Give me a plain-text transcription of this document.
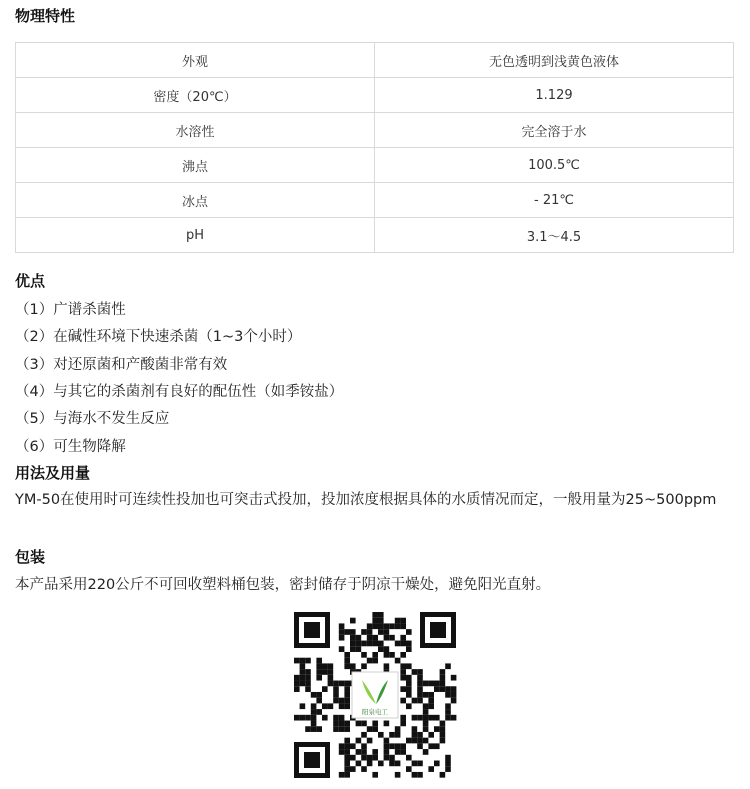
物理特性
外观	无色透明到浅黄色液体
密度（20℃）	1.129
水溶性	完全溶于水
沸点	100.5℃
冰点	- 21℃
pH	3.1～4.5
优点

（1）广谱杀菌性

（2）在碱性环境下快速杀菌（1~3个小时）

（3）对还原菌和产酸菌非常有效

（4）与其它的杀菌剂有良好的配伍性（如季铵盐）

（5）与海水不发生反应

（6）可生物降解

用法及用量

YM-50在使用时可连续性投加也可突击式投加，投加浓度根据具体的水质情况而定，一般用量为25~500ppm

包装

本产品采用220公斤不可回收塑料桶包装，密封储存于阴凉干燥处，避免阳光直射。

阳泉电工
